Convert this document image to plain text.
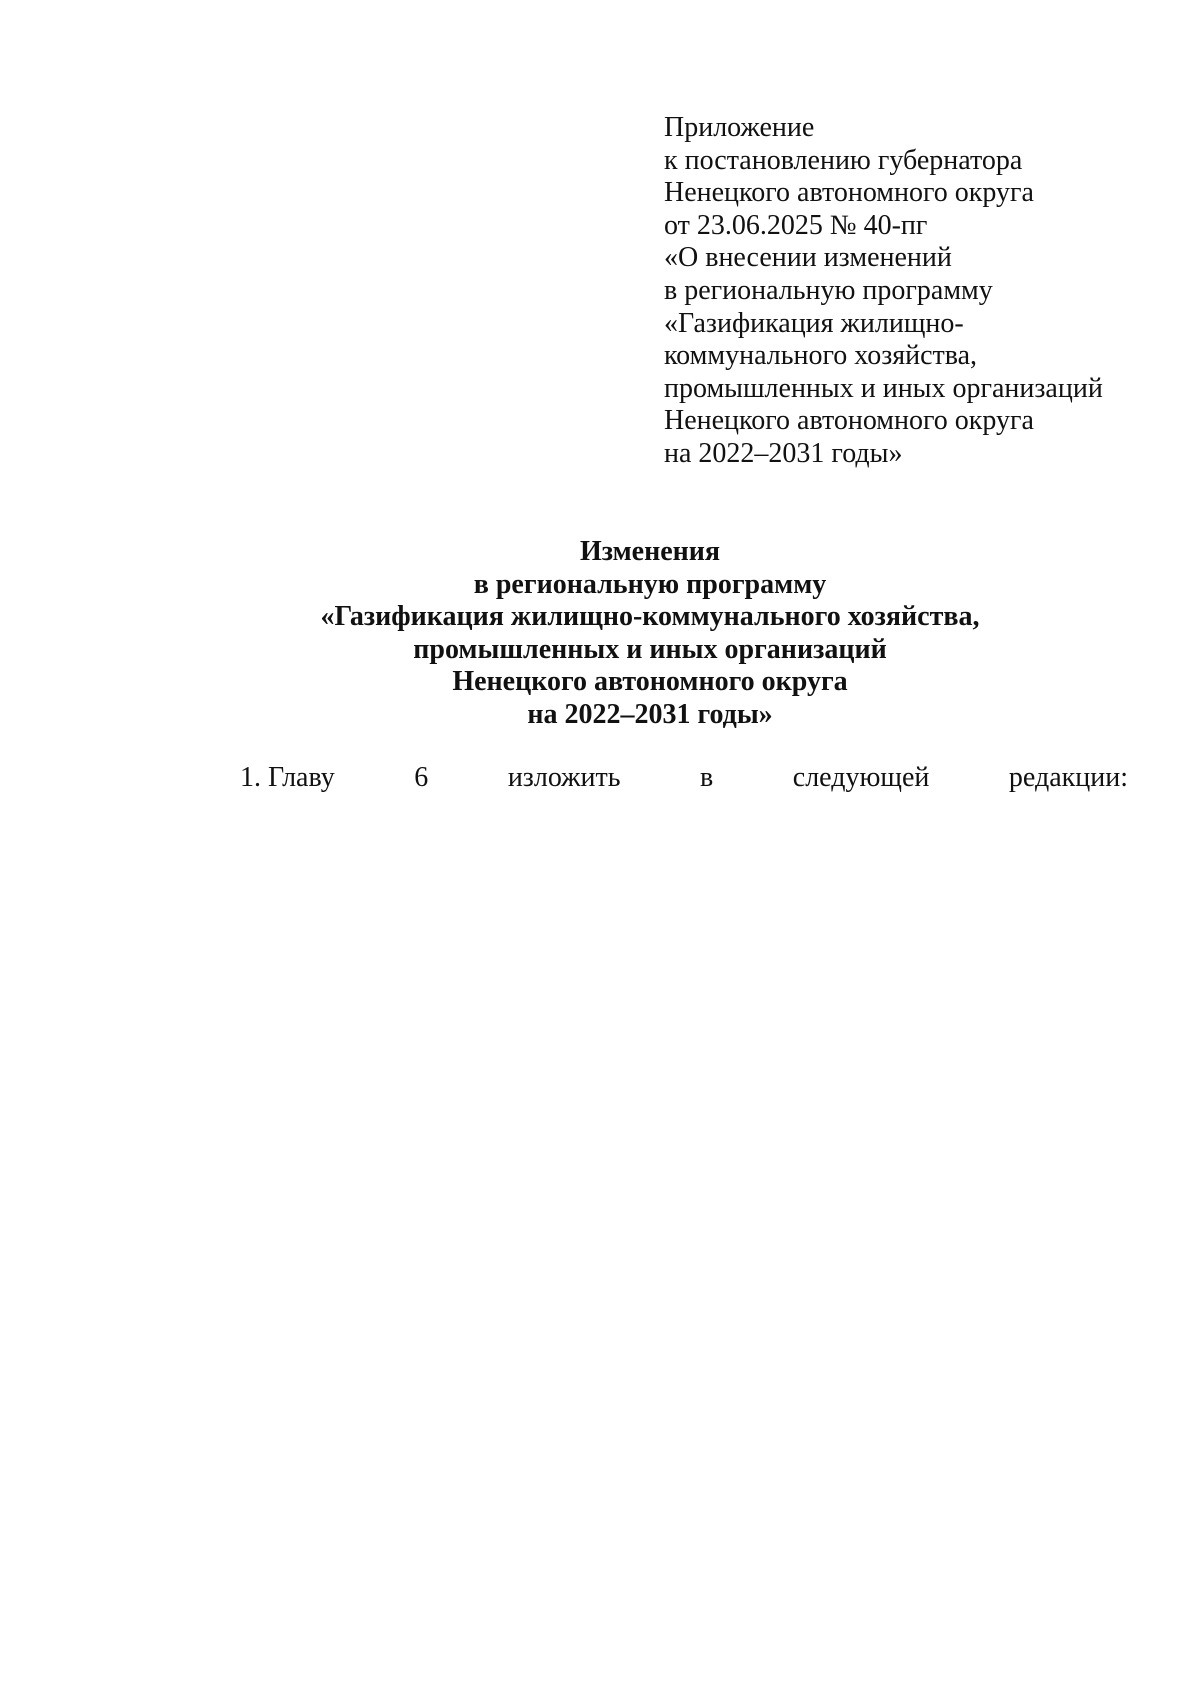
Приложение
к постановлению губернатора
Ненецкого автономного округа
от 23.06.2025 № 40-пг
«О внесении изменений
в региональную программу
«Газификация жилищно-
коммунального хозяйства,
промышленных и иных организаций
Ненецкого автономного округа
на 2022–2031 годы»
Изменения
в региональную программу
«Газификация жилищно-коммунального хозяйства,
промышленных и иных организаций
Ненецкого автономного округа
на 2022–2031 годы»
1. Главу	6	изложить	в	следующей	редакции:
